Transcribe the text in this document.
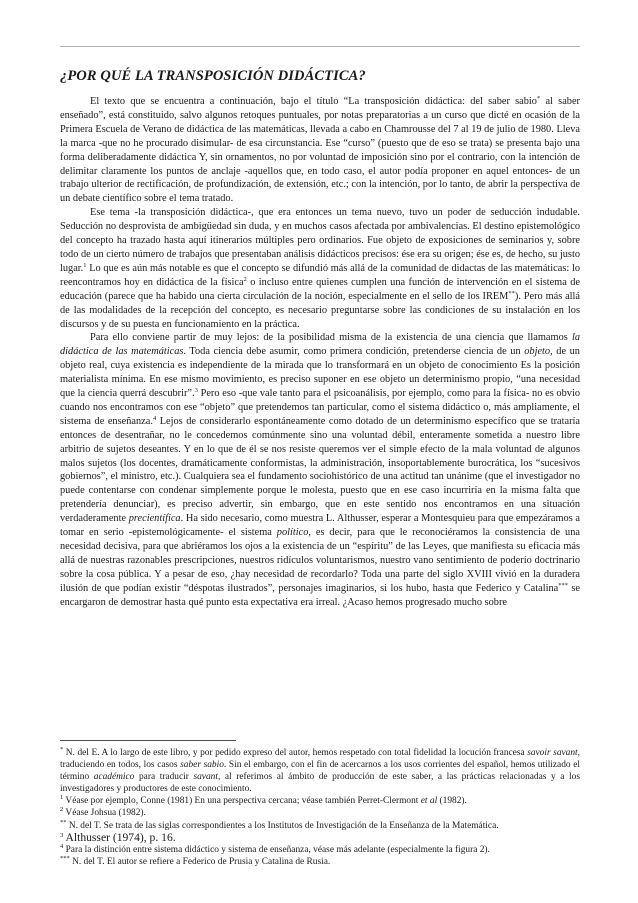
¿POR QUÉ LA TRANSPOSICIÓN DIDÁCTICA?

El texto que se encuentra a continuación, bajo el título “La transposición didáctica: del saber sabio* al saber enseñado”, está constituido, salvo algunos retoques puntuales, por notas preparatorias a un curso que dicté en ocasión de la Primera Escuela de Verano de didáctica de las matemáticas, llevada a cabo en Chamrousse del 7 al 19 de julio de 1980. Lleva la marca -que no he procurado disimular- de esa circunstancia. Ese “curso” (puesto que de eso se trata) se presenta bajo una forma deliberadamente didáctica Y, sin ornamentos, no por voluntad de imposición sino por el contrario, con la intención de delimitar claramente los puntos de anclaje -aquellos que, en todo caso, el autor podía proponer en aquel entonces- de un trabajo ulterior de rectificación, de profundización, de extensión, etc.; con la intención, por lo tanto, de abrir la perspectiva de un debate científico sobre el tema tratado.

Ese tema -la transposición didáctica-, que era entonces un tema nuevo, tuvo un poder de seducción indudable. Seducción no desprovista de ambigüedad sin duda, y en muchos casos afectada por ambivalencias. El destino epistemológico del concepto ha trazado hasta aquí itinerarios múltiples pero ordinarios. Fue objeto de exposiciones de seminarios y, sobre todo de un cierto número de trabajos que presentaban análisis didácticos precisos: ése era su origen; ése es, de hecho, su justo lugar.$^1$ Lo que es aún más notable es que el concepto se difundió más allá de la comunidad de didactas de las matemáticas: lo reencontramos hoy en didáctica de la física$^2$ o incluso entre quienes cumplen una función de intervención en el sistema de educación (parece que ha habido una cierta circulación de la noción, especialmente en el sello de los IREM**). Pero más allá de las modalidades de la recepción del concepto, es necesario preguntarse sobre las condiciones de su instalación en los discursos y de su puesta en funcionamiento en la práctica.

Para ello conviene partir de muy lejos: de la posibilidad misma de la existencia de una ciencia que llamamos la didáctica de las matemáticas. Toda ciencia debe asumir, como primera condición, pretenderse ciencia de un objeto, de un objeto real, cuya existencia es independiente de la mirada que lo transformará en un objeto de conocimiento Es la posición materialista mínima. En ese mismo movimiento, es preciso suponer en ese objeto un determinismo propio, “una necesidad que la ciencia querrá descubrir”.$^3$ Pero eso -que vale tanto para el psicoanálisis, por ejemplo, como para la física- no es obvio cuando nos encontramos con ese “objeto” que pretendemos tan particular, como el sistema didáctico o, más ampliamente, el sistema de enseñanza.$^4$ Lejos de considerarlo espontáneamente como dotado de un determinismo específico que se trataría entonces de desentrañar, no le concedemos comúnmente sino una voluntad débil, enteramente sometida a nuestro libre arbitrio de sujetos deseantes. Y en lo que de él se nos resiste queremos ver el simple efecto de la mala voluntad de algunos malos sujetos (los docentes, dramáticamente conformistas, la administración, insoportablemente burocrática, los “sucesivos gobiernos”, el ministro, etc.). Cualquiera sea el fundamento sociohistórico de una actitud tan unánime (que el investigador no puede contentarse con condenar simplemente porque le molesta, puesto que en ese caso incurriría en la misma falta que pretendería denunciar), es preciso advertir, sin embargo, que en este sentido nos encontramos en una situación verdaderamente precientífica. Ha sido necesario, como muestra L. Althusser, esperar a Montesquieu para que empezáramos a tomar en serio -epistemológicamente- el sistema político, es decir, para que le reconociéramos la consistencia de una necesidad decisiva, para que abriéramos los ojos a la existencia de un “espíritu” de las Leyes, que manifiesta su eficacia más allá de nuestras razonables prescripciones, nuestros ridículos voluntarismos, nuestro vano sentimiento de poderío doctrinario sobre la cosa pública. Y a pesar de eso, ¿hay necesidad de recordarlo? Toda una parte del siglo XVIII vivió en la duradera ilusión de que podían existir “déspotas ilustrados”, personajes imaginarios, si los hubo, hasta que Federico y Catalina*** se encargaron de demostrar hasta qué punto esta expectativa era irreal. ¿Acaso hemos progresado mucho sobre

* N. del E. A lo largo de este libro, y por pedido expreso del autor, hemos respetado con total fidelidad la locución francesa savoir savant, traduciendo en todos, los casos saber sabio. Sin el embargo, con el fin de acercarnos a los usos corrientes del español, hemos utilizado el término académico para traducir savant, al referimos al ámbito de producción de este saber, a las prácticas relacionadas y a los investigadores y productores de este conocimiento.

$^1$ Véase por ejemplo, Conne (1981) En una perspectiva cercana; véase también Perret-Clermont et al (1982).

$^2$ Véase Johsua (1982).

** N. del T. Se trata de las siglas correspondientes a los Institutos de Investigación de la Enseñanza de la Matemática.

$^3$ Althusser (1974), p. 16.

$^4$ Para la distinción entre sistema didáctico y sistema de enseñanza, véase más adelante (especialmente la figura 2).

*** N. del T. El autor se refiere a Federico de Prusia y Catalina de Rusia.
